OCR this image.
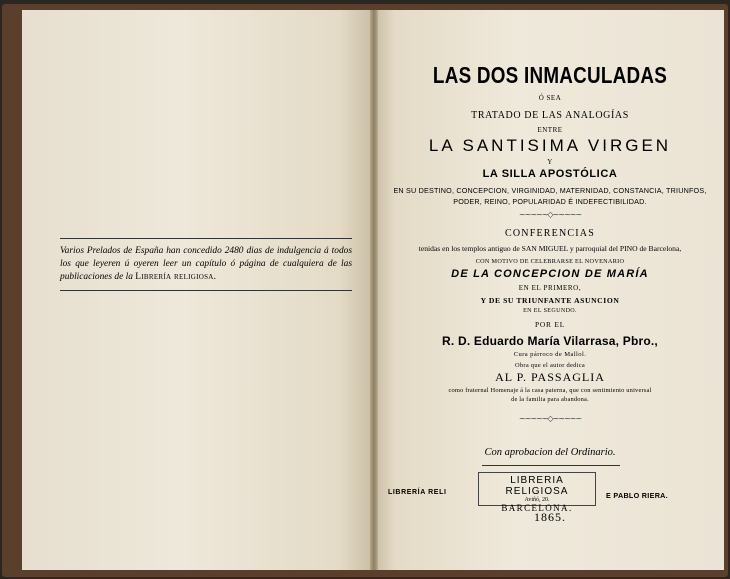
Varios Prelados de España han concedido 2480 dias de indulgencia á todos los que leyeren ú oyeren leer un capítulo ó página de cualquiera de las publicaciones de la Librería religiosa.
LAS DOS INMACULADAS
Ó SEA
TRATADO DE LAS ANALOGÍAS
ENTRE
LA SANTISIMA VIRGEN
Y
LA SILLA APOSTÓLICA
EN SU DESTINO, CONCEPCION, VIRGINIDAD, MATERNIDAD, CONSTANCIA, TRIUNFOS,
PODER, REINO, POPULARIDAD É INDEFECTIBILIDAD.
~~~~~◇~~~~~
CONFERENCIAS
tenidas en los templos antiguo de SAN MIGUEL y parroquial del PINO de Barcelona,
CON MOTIVO DE CELEBRARSE EL NOVENARIO
DE LA CONCEPCION DE MARÍA
EN EL PRIMERO,
Y DE SU TRIUNFANTE ASUNCION
EN EL SEGUNDO.
POR EL
R. D. Eduardo María Vilarrasa, Pbro.,
Cura párroco de Mallol.
Obra que el autor dedica
AL P. PASSAGLIA
como fraternal Homenaje á la casa paterna, que con sentimiento universal
de la familia para abandona.
~~~~~◇~~~~~
Con aprobacion del Ordinario.
LIBRERÍA RELI
LIBRERIA RELIGIOSA
Aviñó, 20.
BARCELONA.
E PABLO RIERA.
1865.
